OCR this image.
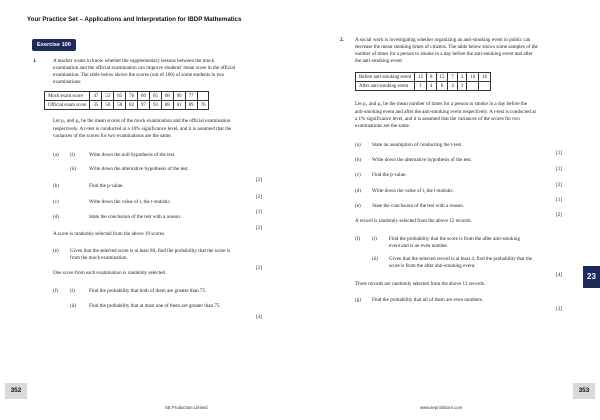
Your Practice Set – Applications and Interpretation for IBDP Mathematics
Exercise 100
1.	A teacher wants to know whether the supplementary lessons between the mock
examination and the official examination can improve students' mean score in the official
examination. The table below shows the scores (out of 100) of some students in two
examinations:
Mock exam score	47	53	85	76	80	65	68	90	77	
Official exam score	35	50	58	82	97	93	88	61	89	76
Let μ₁ and μ₂ be the mean scores of the mock examination and the official examination
respectively. A t-test is conducted at a 10% significance level, and it is assumed that the
variances of the scores for two examinations are the same.
(a) (i)	Write down the null hypothesis of the test.
(ii)	Write down the alternative hypothesis of the test.
[2]
(b)	Find the p-value.
[2]
(c)	Write down the value of t, the t-statistic.
[1]
(d)	State the conclusion of the test with a reason.
[2]
A score is randomly selected from the above 19 scores.
(e) Given that the selected score is at least 80, find the probability that the score is
from the mock examination.
[2]
One score from each examination is randomly selected.
(f) (i)	Find the probability that both of them are greater than 75.
(ii)	Find the probability that at most one of them are greater than 75.
[4]
2. A social work is investigating whether organizing an anti-smoking event in public can
decrease the mean smoking times of citizens. The table below shows some samples of the
number of times for a person to smoke in a day before the anti-smoking event and after
the anti-smoking event:
Before anti-smoking event	12	8	15	7	3	10	16
After anti-smoking event	1	4	6	4	1		
Let μ₁ and μ₂ be the mean number of times for a person to smoke in a day before the
anti-smoking event and after the anti-smoking event respectively. A t-test is conducted at
a 1% significance level, and it is assumed that the variances of the scores for two
examinations are the same.
(a) State an assumption of conducting the t-test.
[1]
(b) Write down the alternative hypothesis of the test.
[1]
(c) Find the p-value.
[2]
(d) Write down the value of t, the t-statistic.
[1]
(e) State the conclusion of the test with a reason.
[2]
A record is randomly selected from the above 12 records.
(f) (i) Find the probability that the score is from the after anti-smoking
event and is an even number.
(ii) Given that the selected record is at least 4, find the probability that the
score is from the after anti-smoking event.
[4]
Three records are randomly selected from the above 12 records.
(g) Find the probability that all of them are even numbers.
[3]
23
352	353
SE Production Limited	www.seprodstore.com
